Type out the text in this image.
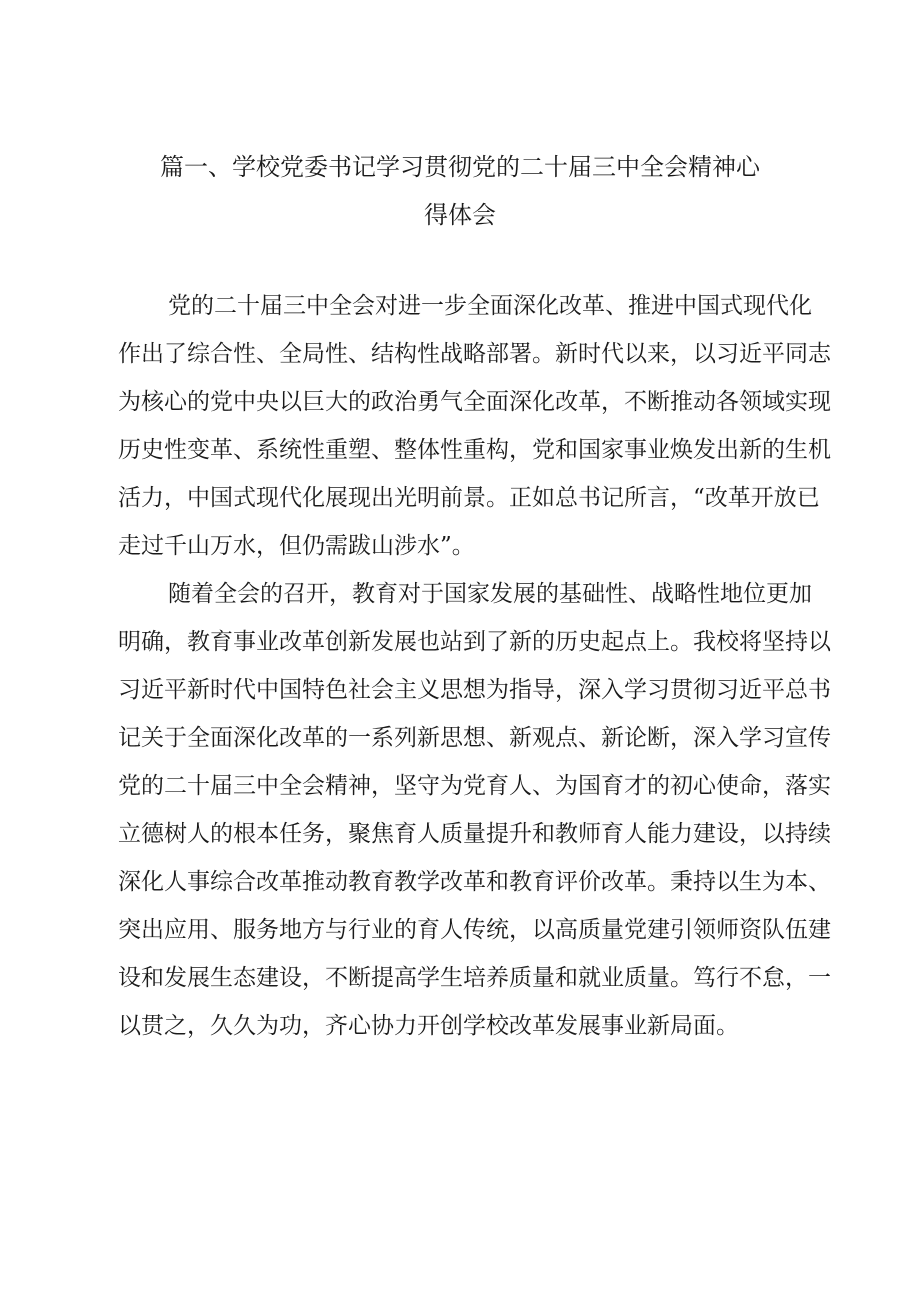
篇一、学校党委书记学习贯彻党的二十届三中全会精神心
得体会
党的二十届三中全会对进一步全面深化改革、推进中国式现代化
作出了综合性、全局性、结构性战略部署。新时代以来，以习近平同志
为核心的党中央以巨大的政治勇气全面深化改革，不断推动各领域实现
历史性变革、系统性重塑、整体性重构，党和国家事业焕发出新的生机
活力，中国式现代化展现出光明前景。正如总书记所言，“改革开放已
走过千山万水，但仍需跋山涉水”。
随着全会的召开，教育对于国家发展的基础性、战略性地位更加
明确，教育事业改革创新发展也站到了新的历史起点上。我校将坚持以
习近平新时代中国特色社会主义思想为指导，深入学习贯彻习近平总书
记关于全面深化改革的一系列新思想、新观点、新论断，深入学习宣传
党的二十届三中全会精神，坚守为党育人、为国育才的初心使命，落实
立德树人的根本任务，聚焦育人质量提升和教师育人能力建设，以持续
深化人事综合改革推动教育教学改革和教育评价改革。秉持以生为本、
突出应用、服务地方与行业的育人传统，以高质量党建引领师资队伍建
设和发展生态建设，不断提高学生培养质量和就业质量。笃行不怠，一
以贯之，久久为功，齐心协力开创学校改革发展事业新局面。
